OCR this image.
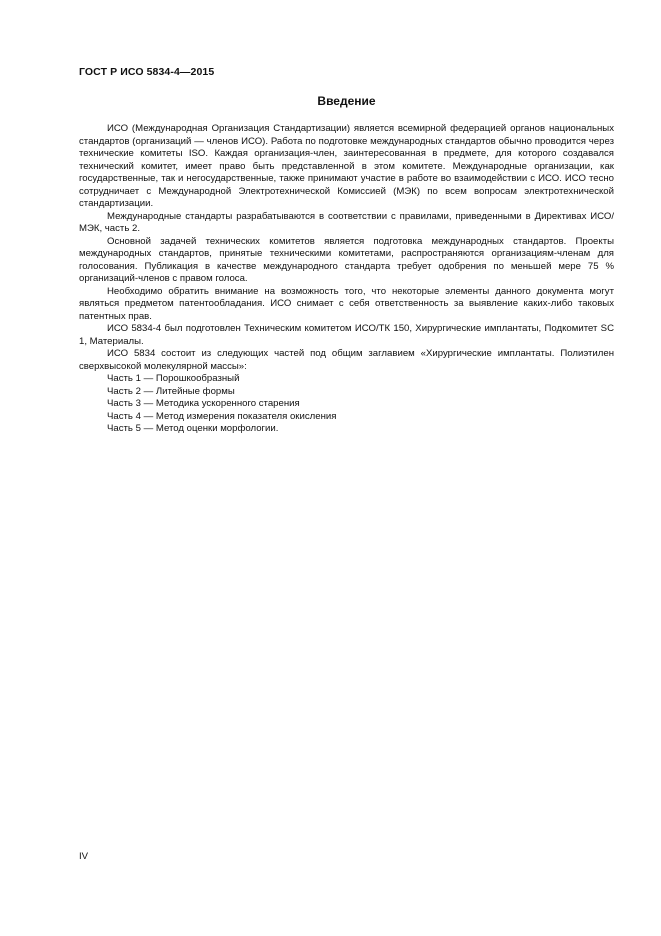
ГОСТ Р ИСО 5834-4—2015
Введение

ИСО (Международная Организация Стандартизации) является всемирной федерацией органов национальных стандартов (организаций — членов ИСО). Работа по подготовке международных стандартов обычно проводится через технические комитеты ISO. Каждая организация-член, заинтересованная в предмете, для которого создавался технический комитет, имеет право быть представленной в этом комитете. Международные организации, как государственные, так и негосударственные, также принимают участие в работе во взаимодействии с ИСО. ИСО тесно сотрудничает с Международной Электротехнической Комиссией (МЭК) по всем вопросам электротехнической стандартизации.

Международные стандарты разрабатываются в соответствии с правилами, приведенными в Директивах ИСО/МЭК, часть 2.

Основной задачей технических комитетов является подготовка международных стандартов. Проекты международных стандартов, принятые техническими комитетами, распространяются организациям-членам для голосования. Публикация в качестве международного стандарта требует одобрения по меньшей мере 75 % организаций-членов с правом голоса.

Необходимо обратить внимание на возможность того, что некоторые элементы данного документа могут являться предметом патентообладания. ИСО снимает с себя ответственность за выявление каких-либо таковых патентных прав.

ИСО 5834-4 был подготовлен Техническим комитетом ИСО/ТК 150, Хирургические имплантаты, Подкомитет SC 1, Материалы.

ИСО 5834 состоит из следующих частей под общим заглавием «Хирургические имплантаты. Полиэтилен сверхвысокой молекулярной массы»:

Часть 1 — Порошкообразный
Часть 2 — Литейные формы
Часть 3 — Методика ускоренного старения
Часть 4 — Метод измерения показателя окисления
Часть 5 — Метод оценки морфологии.
IV
